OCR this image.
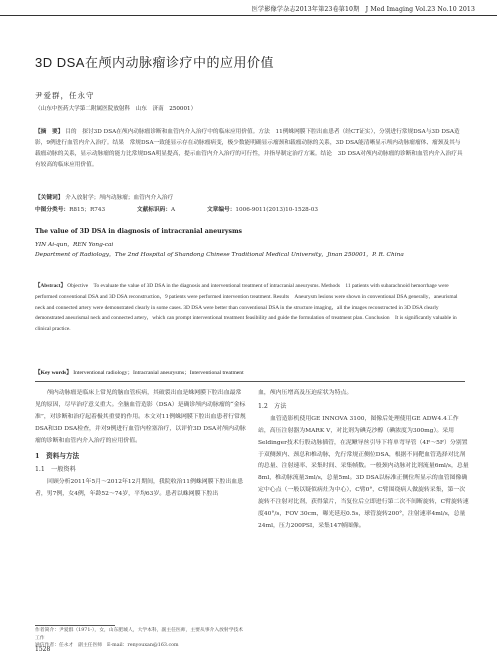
医学影像学杂志2013年第23卷第10期　J Med Imaging Vol.23 No.10 2013
3D DSA在颅内动脉瘤诊疗中的应用价值
尹爱群，任永守
（山东中医药大学第二附属医院放射科　山东　济南　250001）
【摘　要】 目的　探讨3D DSA在颅内动脉瘤诊断和血管内介入治疗中的临床应用价值。方法　11例蛛网膜下腔出血患者（经CT证实），分别进行常规DSA与3D DSA造影，9例进行血管内介入治疗。结果　常规DSA一致能显示存在动脉瘤病变，极少数能明确显示瘤颈和载瘤动脉的关系，3D DSA能清晰显示颅内动脉瘤瘤体、瘤颈及其与载瘤动脉的关系，显示动脉瘤的能力比常规DSA明显提高，提示血管内介入治疗的可行性，并指导制定治疗方案。结论　3D DSA对颅内动脉瘤的诊断和血管内介入治疗具有较高的临床应用价值。
【关键词】 介入放射学；颅内动脉瘤；血管内介入治疗
中图分类号：R815；R743	文献标识码：A	文章编号：1006-9011(2013)10-1528-03
The value of 3D DSA in diagnosis of intracranial aneurysms
YIN Ai-qun，REN Yong-cai
Department of Radiology，The 2nd Hospital of Shandong Chinese Traditional Medical University，Jinan 250001，P. R. China
【Abstract】 Objective　To evaluate the value of 3D DSA in the diagnosis and interventional treatment of intracranial aneurysms. Methods　11 patients with subarachnoid hemorrhage were performed conventional DSA and 3D DSA reconstruction，9 patients were performed intervention treatment. Results　Aneurysm lesions were shown in conventional DSA generally，aneurismal neck and connected artery were demonstrated clearly in some cases. 3D DSA were better than conventional DSA in the structure imaging，all the images reconstructed in 3D DSA clearly demonstrated aneurismal neck and connected artery，which can prompt interventional treatment feasibility and guide the formulation of treatment plan. Conclusion　It is significantly valuable in clinical practice.
【Key words】 Interventional radiology；Intracranial aneurysms；Interventional treatment
颅内动脉瘤是临床上常见的脑血管疾病，其破裂出血是蛛网膜下腔出血最常见的原因，尽早治疗意义重大。全脑血管造影（DSA）是确诊颅内动脉瘤的“金标准”，对诊断和治疗起着极其重要的作用。本文对11例蛛网膜下腔出血患者行常规DSA和3D DSA检查，并对9例进行血管内栓塞治疗，以评价3D DSA对颅内动脉瘤的诊断和血管内介入治疗的应用价值。
1　资料与方法
1.1　一般资料
回顾分析2011年5月～2012年12月期间，我院收治11例蛛网膜下腔出血患者，男7例，女4例，年龄52～74岁，平均63岁。患者以蛛网膜下腔出
血，颅内压增高及压迫症状为特点。
1.2　方法
血管造影机使用GE INNOVA 3100，图像后处理使用GE ADW4.4工作站，高压注射器为MARK V，对比剂为碘克沙醇（碘浓度为300mg）。采用Seldinger技术行股动脉插管，在泥鳅导丝引导下将单弯导管（4F～5F）分别置于双侧颈内、颈总和椎动脉，先行常规正侧位DSA，根据不同靶血管选择对比剂的总量、注射速率、采集时间、采集帧数。一般颈内动脉对比剂流量6ml/s，总量8ml，椎动脉流量3ml/s，总量5ml。3D DSA以标准正侧位所显示的血管图像确定中心点（一般以疑似病灶为中心），C臂0°，C臂围绕病人做旋转采集，第一次旋转不注射对比剂，获得蒙片，当复位后立即进行第二次不间断旋转，C臂旋转速度40°/s，FOV 30cm，曝光延迟0.5s，球管旋转200°，注射速率4ml/s，总量24ml，压力200PSI，采集147帧图像。
作者简介：尹爱群（1971-），女，山东肥城人，大学本科，副主任医师，主要从事介入放射学技术工作
通信作者：任永才　副主任医师　E-mail：renyouxan@163.com
1528
